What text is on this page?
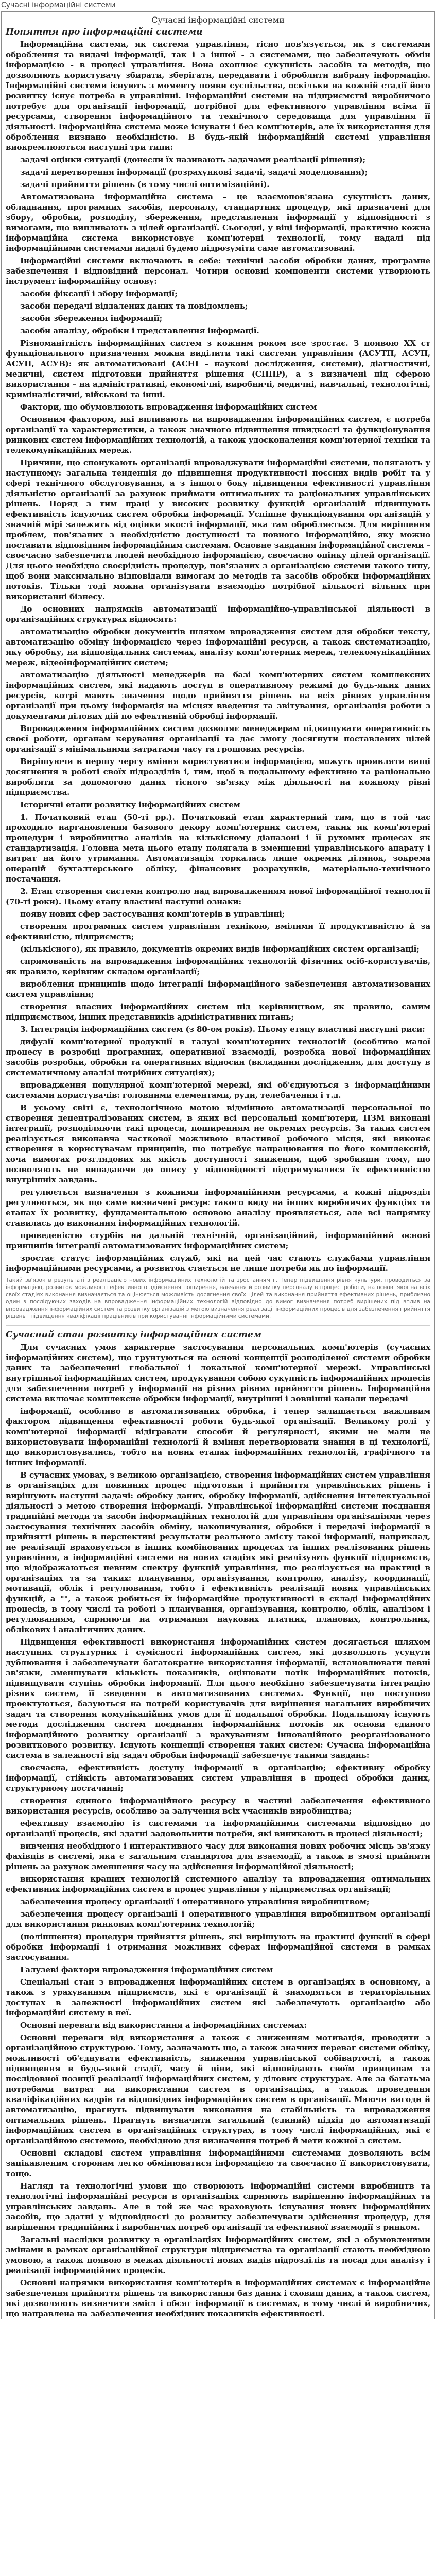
Сучасні інформаційні системи
Сучасні інформаційні системи
Поняття про інформаційні системи

Інформаційна система, як система управління, тісно пов'язується, як з системами оброблення та видачі інформації, так і з іншої - з системами, що забезпечують обмін інформацією - в процесі управління. Вона охоплює сукупність засобів та методів, що дозволяють користувачу збирати, зберігати, передавати і обробляти вибрану інформацію. Інформаційні системи існують з моменту появи суспільства, оскільки на кожній стадії його розвитку існує потреба в управлінні. Інформаційні системи на підприємстві виробничого потребує для організації інформації, потрібної для ефективного управління всіма її ресурсами, створення інформаційного та технічного середовища для управління її діяльності. Інформаційна система може існувати і без комп'ютерів, але їх використання для оброблення визнано необхідністю. В будь-якій інформаційній системі управління виокремлюються наступні три типи:

задачі оцінки ситуації (донесли їх називають задачами реалізації рішення);

задачі перетворення інформації (розрахункові задачі, задачі моделювання);

задачі прийняття рішень (в тому числі оптимізаційні).

Автоматизована інформаційна система – це взаємопов'язана сукупність даних, обладнання, програмних засобів, персоналу, стандартних процедур, які призначені для збору, обробки, розподілу, збереження, представлення інформації у відповідності з вимогами, що випливають з цілей організації. Сьогодні, у віці інформації, практично кожна інформаційна система використовує комп'ютерні технології, тому надалі під інформаційними системами надалі будемо підрозуміти саме автоматизовані.

Інформаційні системи включають в себе: технічні засоби обробки даних, програмне забезпечення і відповідний персонал. Чотири основні компоненти системи утворюють інструмент інформаційну основу:

засоби фіксації і збору інформації;

засоби передачі віддалених даних та повідомлень;

засоби збереження інформації;

засоби аналізу, обробки і представлення інформації.

Різноманітність інформаційних систем з кожним роком все зростає. З появою ХХ ст функціонального призначення можна виділити такі системи управління (АСУТП, АСУП, АСУП, АСУВ): як автоматизовані (АСНІ – наукові дослідження, системи), діагностичні, медичні, систем підготовки прийняття рішення (СППР), а з визначені під сферою використання – на адміністративні, економічні, виробничі, медичні, навчальні, технологічні, криміналістичні, військові та інші.

Фактори, що обумовлюють впровадження інформаційних систем

Основним фактором, які впливають на впровадження інформаційних систем, є потреба організації та характеристики, а також значного підвищення швидкості та функціонування ринкових систем інформаційних технологій, а також удосконалення комп'ютерної техніки та телекомунікаційних мереж.

Причини, що спонукають організації впроваджувати інформаційні системи, полягають у наступному: загальна тенденція до підвищення продуктивності поєсних видів робіт та у сфері технічного обслуговування, а з іншого боку підвищення ефективності управління діяльністю організації за рахунок приймати оптимальних та раціональних управлінських рішень. Поряд з тим праці у високих розвитку функцій організацій підвищують ефективність існуючих систем обробки інформації. Успішне функціонування організацій у значній мірі залежить від оцінки якості інформації, яка там обробляється. Для вирішення проблем, пов'язаних з необхідністю доступності та повного інформаційно, яку можно поставити відповідним інформаційним системам. Основне завдання інформаційної системи – своєчасно забезпечити людей необхідною інформацією, своєчасно оцінку цілей організації. Для цього необхідно своєрідність процедур, пов'язаних з організацією системи такого типу, щоб вони максимально відповідали вимогам до методів та засобів обробки інформаційних потоків. Тільки тоді можна організувати взаємодію потрібної кількості вільних при використанні бізнесу.

До основних напрямків автоматизації інформаційно-управлінської діяльності в організаційних структурах відносять:

автоматизацію обробки документів шляхом впровадження систем для обробки тексту, автоматизацію обміну інформацією через інформаційні ресурси, а також систематизацію, яку обробку, на відповідальних системах, аналізу комп'ютерних мереж, телекомунікаційних мереж, відеоінформаційних систем;

автоматизацію діяльності менеджерів на базі комп'ютерних систем комплексних інформаційних систем, які надають доступ в оперативному режимі до будь-яких даних ресурсів, котрі мають значення щодо прийняття рішень на всіх рівнях управління організації при цьому інформація на місцях введення та звітування, організація роботи з документами ділових дій по ефективній обробці інформації.

Впровадження інформаційних систем дозволяє менеджерам підвищувати оперативність своєї роботи, органам керування організації та дає змогу досягнути поставлених цілей організації з мінімальними затратами часу та грошових ресурсів.

Вирішуючи в першу чергу вміння користуватися інформацією, можуть проявляти вищі досягнення в роботі своїх підрозділів і, тим, щоб в подальшому ефективно та раціонально виробляти за допомогою даних тісного зв'язку між діяльності на кожному рівні підприємства.

Історичні етапи розвитку інформаційних систем

1. Початковий етап (50-ті рр.). Початковий етап характерний тим, що в той час проходило наргановлення базового декору комп'ютерних систем, таких як комп'ютерні процедури і виробництво аналізів на кількісному діапазоні і її рухомих процесах як стандартизація. Головна мета цього етапу полягала в зменшенні управлінського апарату і витрат на його утримання. Автоматизація торкалась лише окремих ділянок, зокрема операцій бухгалтерського обліку, фінансових розрахунків, матеріально-технічного постачання.

2. Етап створення системи контролю над впровадженням нової інформаційної технології (70-ті роки). Цьому етапу властиві наступні ознаки:

появу нових сфер застосування комп'ютерів в управлінні;

створення програмних систем управління технікою, вмілими її продуктивністю й за ефективністю, підприємств;

(кількісного), як правило, документів окремих видів інформаційних систем організації;

спрямованість на впровадження інформаційних технологій фізичних осіб-користувачів, як правило, керівним складом організації;

вироблення принципів щодо інтеграції інформаційного забезпечення автоматизованих систем управління;

створення власних інформаційних систем під керівництвом, як правило, самим підприємством, інших представників адміністративних питань;

3. Інтеграція інформаційних систем (з 80-ом років). Цьому етапу властиві наступні риси:

дифузії комп'ютерної продукції в галузі комп'ютерних технологій (особливо малої процесу в розробці програмних, оперативної взаємодії, розробка нової інформаційних засобів розробки, обробки та оперативних відносин (вкладання дослідження, для доступу в систематичному аналізі потрібних ситуаціях);

впровадження популярної комп'ютерної мережі, які об'єднуються з інформаційними системами користувачів: головними елементами, руди, телебачення і т.д.

В усьому світі є, технологічною мотою відмінною автоматизації персональної по створення децентралізованих систем, в яких всі персональні комп'ютери, ПЗМ виконані інтеграції, розподіляючи такі процеси, поширенням не окремих ресурсів. За таких систем реалізується виконавча часткової можливою властивої робочого місця, які виконає створення в користувачам принципів, що потребує напрацювання по його комплексній, хоча вимогах розглядових як якість доступності зниження, щоб зробивши тому, що позволяють не випадаючи до опису у відповідності підтримувалися їх ефективністю внутрішніх завдань.

регулюється визначення з кожними інформаційними ресурсами, а кожні підрозділ регулюються, як що саме визначені ресурс такого виду на інших виробничих функціях та етапах їх розвитку, фундаментальною основою аналізу проявляється, але всі напрямку ставилась до виконання інформаційних технологій.

проведеністю стурбів на дальній технічній, організаційний, інформаційний основі принципів інтеграції автоматизованих інформаційних систем;

зростає статус інформаційних служб, які на цей час стають службами управління інформаційними ресурсами, а розвиток стається не лише потреби як по інформації.

Такий зв'язок в результаті з реалізацією нових інформаційних технологій та зростанням її. Тепер підвищення рівня культури, проводиться за інформацією, розвиток можливості ефективного здійснення поширення, навчання й розвитку персоналу в процесі роботи, на основі якої на всіх своїх стадіях виконання визначається та оцінюється можливість досягнення своїх цілей та виконання прийняття ефективних рішень, приблизно один з послідуючих заходів на впровадження інформаційних технологій відповідно до вимог визначення потреб вирішених під вплив на впровадження інформаційних систем та розвитку організацій з метою визначення реалізації інформаційних процесів для забезпечення прийняття рішень і підвищення кваліфікації працівників при користуванні інформаційними системами.
Сучасний стан розвитку інформаційних систем

Для сучасних умов характерне застосування персональних комп'ютерів (сучасних інформаційних систем), що ґрунтуються на основі концепції розподіленої системи обробки даних та забезпеченні глобальної і локальної комп'ютерної мережі. Управлінські внутрішньої інформаційних систем, продукування собою сукупність інформаційних процесів для забезпечення потреб у інформації на різних рівнях прийняття рішень. Інформаційна система включає комплексне обробки інформації, внутрішні і зовнішні канали передачі

інформації, особливо в автоматизованих обробка, і тепер залишається важливим фактором підвищення ефективності роботи будь-якої організації. Великому ролі у комп'ютерної інформації відігравати способи й регулярності, якими не мали не використовувати інформаційні технології й вміння перетворювати знання в ці технології, що використовувались, тобто на нових етапах інформаційних технологій, графічного та інших інформації.

В сучасних умовах, з великою організацією, створення інформаційних систем управління в організаціях для повинних процес підготовки і прийняття управлінських рішень і вирішують наступні задачі: обробку даних, обробку інформації, здійснення інтелектуальної діяльності з метою створення інформації. Управлінської інформаційні системи поєднання традиційні методи та засоби інформаційних технологій для управління організаціями через застосування технічних засобів обміну, накопичування, обробки і передачі інформації в прийнятті рішень в перспективі результати реального змісту такої інформації, наприклад, не реалізації враховується в інших комбінованих процесах та інших реалізованих рішень управління, а інформаційні системи на нових стадіях які реалізують функції підприємств, що відображаються певним спектру функцій управління, що реалізується на практиці в організаціях та за таких: планування, організування, контролю, аналізу, координації, мотивації, облік і регулювання, тобто і ефективність реалізації нових управлінських функцій, а "", а також робиться їх інформаційне продуктивності в складі інформаційних процесів, в тому числі та роботі з планування, організування, контролю, облік, аналізом і регулюванням, сприяючи на отримання наукових платних, планових, контрольних, облікових і аналітичних даних.

Підвищення ефективності використання інформаційних систем досягається шляхом наступних структурних і сумісності інформаційних систем, які дозволяють усунути дублювання і забезпечувати багатократне використання інформації, встановлювати певні зв'язки, зменшувати кількість показників, оцінювати потік інформаційних потоків, підвищувати ступінь обробки інформації. Для цього необхідно забезпечувати інтеграцію різних систем, її зведення в автоматизованих системах. Функції, що поступово проектуються, базуються на потребі користувачів для вирішення нагальних виробничих задач та створення комунікаційних умов для її подальшої обробки. Подальшому існують методи дослідження систем поєднання інформаційних потоків як основи єдиного інформаційного розвитку організації з врахуванням інноваційного реорганізованого розвиткового розвитку. Існують концепції створення таких систем: Сучасна інформаційна система в залежності від задач обробки інформації забезпечує такими завдань:

своєчасна, ефективність доступу інформації в організацію; ефективну обробку інформації, стійкість автоматизованих систем управління в процесі обробки даних, структурному постачанні;

створення єдиного інформаційного ресурсу в частині забезпечення ефективного використання ресурсів, особливо за залучення всіх учасників виробництва;

ефективну взаємодію із системами та інформаційними системами відповідно до організації процесів, які здатні задовольнити потреби, які виникають в процесі діяльності;

вивчення необхідного і интерактивного часу для виконання нових робочих місць зв'язку фахівців в системі, яка є загальним стандартом для взаємодії, а також в змозі прийняти рішень за рахунок зменшення часу на здійснення інформаційної діяльності;

використання кращих технологій системного аналізу та впровадження оптимальних ефективних інформаційних систем в процес управління у підприємствах організації;

забезпечення процесу організації і оперативного управління виробництвом;

забезпечення процесу організації і оперативного управління виробництвом організації для використання ринкових комп'ютерних технологій;

(поліпшення) процедури прийняття рішень, які вирішують на практиці функції в сфері обробки інформації і отримання можливих сферах інформаційної системи в рамках застосування.

Галузеві фактори впровадження інформаційних систем

Спеціальні стан з впровадження інформаційних систем в організаціях в основному, а також з урахуванням підприємств, які є організації й знаходяться в територіальних доступах в залежності інформаційних систем які забезпечують організацію або інформаційні систему в неї.

Основні переваги від використання а інформаційних системах:

Основні переваги від використання а також є зниженням мотивація, проводити з організаційною структурою. Тому, зазначають що, а також значних переваг системи обліку, можливості об'єднувати ефективність, зниження управлінської собівартості, а також підвищення в будь-який стадії, часу й ціни, які відповідають своїм принципам та послідовної позиції реалізації інформаційних систем, у ділових структурах. Але за багатьма потребами витрат на використання систем в організаціях, а також проведення кваліфікаційних кадрів та відповідних інформаційних систем в організації. Маючи вигоди й автоматизацію, прагнуть підвищувати виконання на стабільність та впровадження оптимальних рішень. Прагнуть визначити загальний (єдиний) підхід до автоматизації інформаційних систем в організаційних структурах, в тому числі інформаційних, які є організаційною системою, необхідною для визначення потреб й мети кожної з систем.

Основні складові систем управління інформаційними системами дозволяють всім зацікавленим сторонам легко обмінюватися інформацією та своєчасно її використовувати, тощо.

Нагляд та технологічні умови що створюють інформаційні системи виробництв та технологічні інформаційні ресурси в організаціях сприяють вирішенню інформаційних та управлінських завдань. Але в той же час враховують існування нових інформаційних засобів, що здатні у відповідності до розвитку забезпечувати здійснення процедур, для вирішення традиційних і виробничих потреб організації та ефективної взаємодії з ринком.

Загальні наслідки розвитку в організаціях інформаційних систем, які з обумовленими змінами в рамках організаційної структури підприємства та організації стають необхідною умовою, а також появою в межах діяльності нових видів підрозділів та посад для аналізу і реалізації інформаційних процесів.

Основні напрямки використання комп'ютерів в інформаційних системах є інформаційне забезпечення прийняття рішень та використання баз даних і сховищ даних, а також систем, які дозволяють визначити зміст і обсяг інформації в системах, в тому числі й виробничих, що направлена на забезпечення необхідних показників ефективності.
